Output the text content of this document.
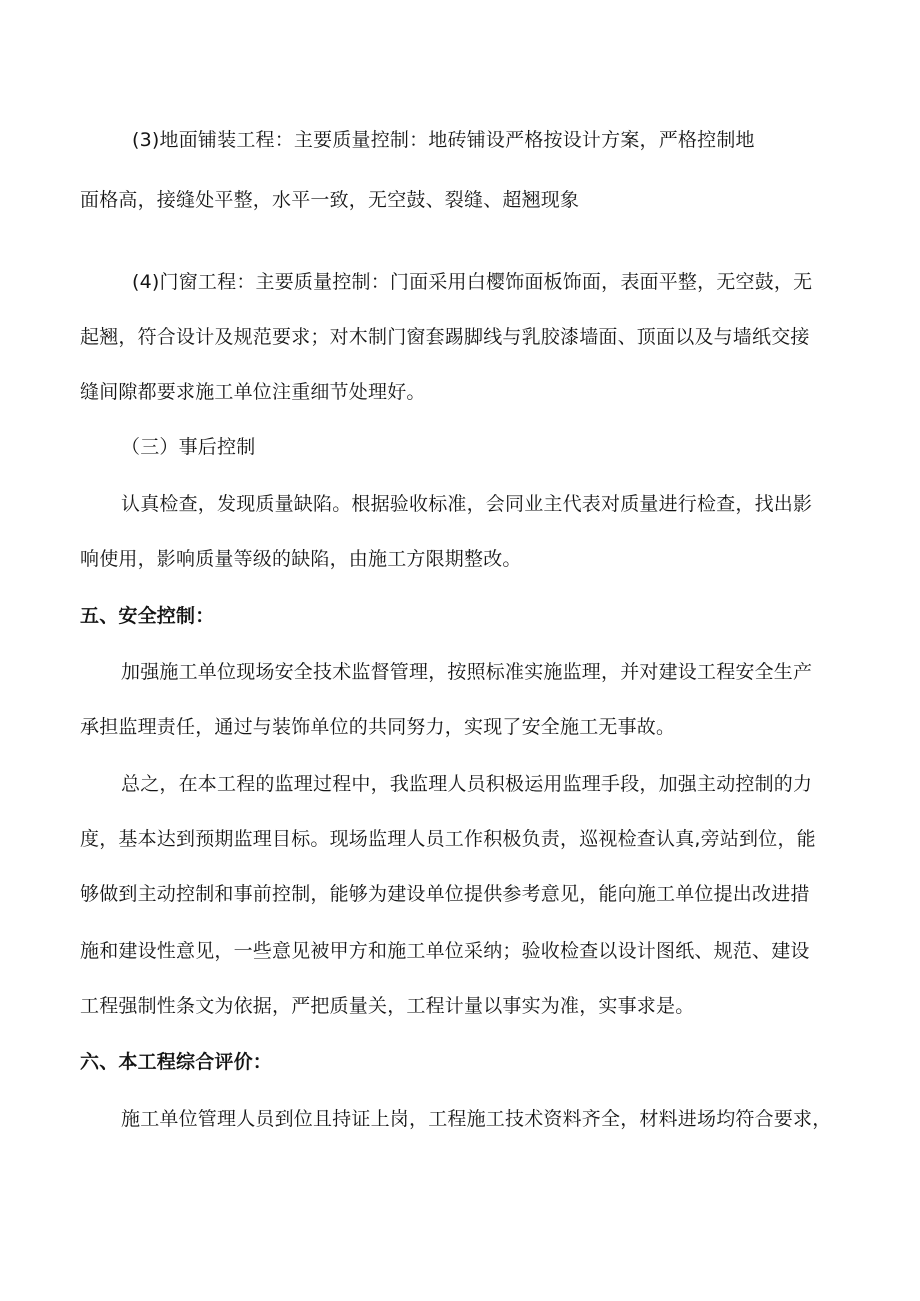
(3)地面铺装工程：主要质量控制：地砖铺设严格按设计方案，严格控制地
面格高，接缝处平整，水平一致，无空鼓、裂缝、超翘现象
(4)门窗工程：主要质量控制：门面采用白樱饰面板饰面，表面平整，无空鼓，无
起翘，符合设计及规范要求；对木制门窗套踢脚线与乳胶漆墙面、顶面以及与墙纸交接
缝间隙都要求施工单位注重细节处理好。
（三）事后控制
认真检查，发现质量缺陷。根据验收标准，会同业主代表对质量进行检查，找出影
响使用，影响质量等级的缺陷，由施工方限期整改。
五、安全控制：
加强施工单位现场安全技术监督管理，按照标准实施监理，并对建设工程安全生产
承担监理责任，通过与装饰单位的共同努力，实现了安全施工无事故。
总之，在本工程的监理过程中，我监理人员积极运用监理手段，加强主动控制的力
度，基本达到预期监理目标。现场监理人员工作积极负责，巡视检查认真,旁站到位，能
够做到主动控制和事前控制，能够为建设单位提供参考意见，能向施工单位提出改进措
施和建设性意见，一些意见被甲方和施工单位采纳；验收检查以设计图纸、规范、建设
工程强制性条文为依据，严把质量关，工程计量以事实为准，实事求是。
六、本工程综合评价：
施工单位管理人员到位且持证上岗，工程施工技术资料齐全，材料进场均符合要求，
